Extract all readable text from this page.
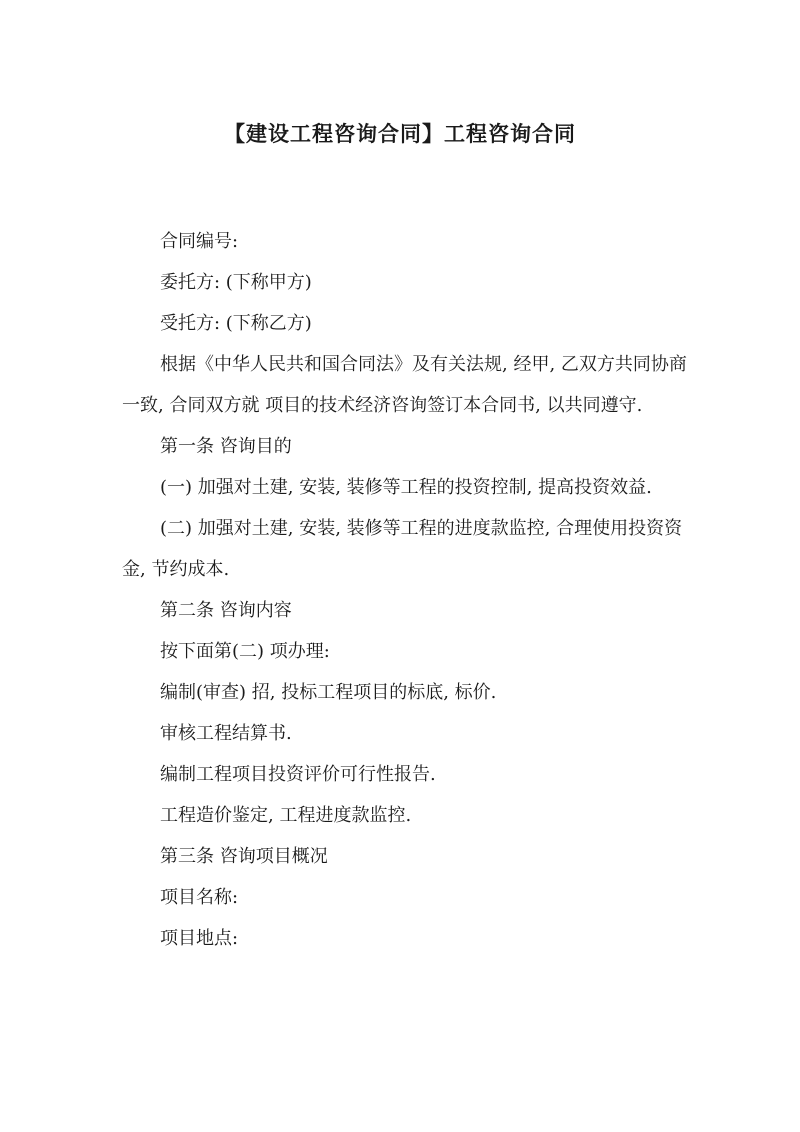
【建设工程咨询合同】工程咨询合同

合同编号:

委托方: (下称甲方)

受托方: (下称乙方)

根据《中华人民共和国合同法》及有关法规, 经甲, 乙双方共同协商一致, 合同双方就 项目的技术经济咨询签订本合同书, 以共同遵守.

第一条 咨询目的

(一) 加强对土建, 安装, 装修等工程的投资控制, 提高投资效益.

(二) 加强对土建, 安装, 装修等工程的进度款监控, 合理使用投资资金, 节约成本.

第二条 咨询内容

按下面第(二) 项办理:

编制(审查) 招, 投标工程项目的标底, 标价.

审核工程结算书.

编制工程项目投资评价可行性报告.

工程造价鉴定, 工程进度款监控.

第三条 咨询项目概况

项目名称:

项目地点:
